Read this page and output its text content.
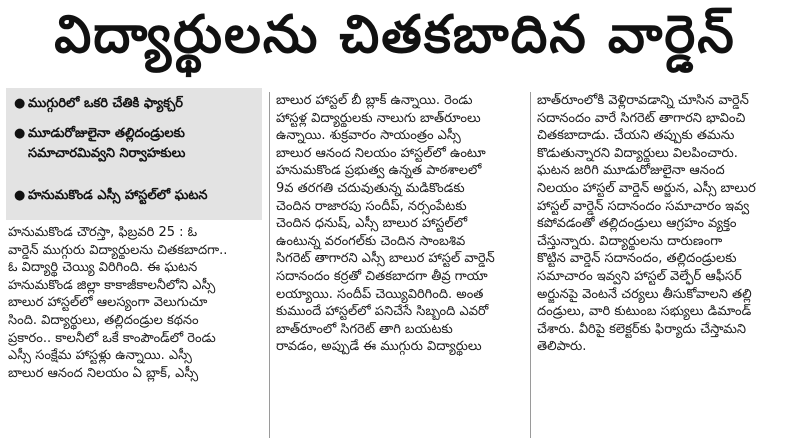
విద్యార్థులను చితకబాదిన వార్డెన్
● ముగ్గురిలో ఒకరి చేతికి ఫ్యాక్చర్
● మూడురోజులైనా తల్లిదండ్రులకు సమాచారమివ్వని నిర్వాహకులు
● హనుమకొండ ఎస్సీ హాస్టల్‌లో ఘటన
హనుమకొండ చౌరస్తా, ఫిబ్రవరి 25 : ఓ
వార్డెన్ ముగ్గురు విద్యార్థులను చితకబాదగా..
ఓ విద్యార్థి చెయ్యి విరిగింది. ఈ ఘటన
హనుమకొండ జిల్లా కాకాజీకాలనీలోని ఎస్సీ
బాలుర హాస్టల్‌లో ఆలస్యంగా వెలుగుచూ
సింది. విద్యార్థులు, తల్లిదండ్రుల కథనం
ప్రకారం.. కాలనీలో ఒకే కాంపౌండ్‌లో రెండు
ఎస్సీ సంక్షేమ హాస్టళ్లు ఉన్నాయి. ఎస్సీ
బాలుర ఆనంద నిలయం ఏ బ్లాక్, ఎస్సీ
బాలుర హాస్టల్ బీ బ్లాక్ ఉన్నాయి. రెండు
హాస్టళ్ల విద్యార్థులకు నాలుగు బాత్‌రూంలు
ఉన్నాయి. శుక్రవారం సాయంత్రం ఎస్సీ
బాలుర ఆనంద నిలయం హాస్టల్‌లో ఉంటూ
హనుమకొండ ప్రభుత్వ ఉన్నత పాఠశాలలో
9వ తరగతి చదువుతున్న మడికొండకు
చెందిన రాజారపు సందీప్, నర్సంపేటకు
చెందిన ధనుష్, ఎస్సీ బాలుర హాస్టల్‌లో
ఉంటున్న వరంగల్‌కు చెందిన సాంబశివ
సిగరెట్ తాగారని ఎస్సీ బాలుర హాస్టల్ వార్డెన్
సదానందం కర్రతో చితకబాదగా తీవ్ర గాయా
లయ్యాయి. సందీప్ చెయ్యివిరిగింది. అంత
కుముందే హాస్టల్‌లో పనిచేసే సిబ్బంది ఎవరో
బాత్‌రూంలో సిగరెట్ తాగి బయటకు
రావడం, అప్పుడే ఈ ముగ్గురు విద్యార్థులు
బాత్‌రూంలోకి వెళ్లిరావడాన్ని చూసిన వార్డెన్
సదానందం వారే సిగరెట్ తాగారని భావించి
చితకబాదాడు. చేయని తప్పుకు తమను
కొడుతున్నారని విద్యార్థులు విలపించారు.
ఘటన జరిగి మూడురోజులైనా ఆనంద
నిలయం హాస్టల్ వార్డెన్ అర్జున, ఎస్సీ బాలుర
హాస్టల్ వార్డెన్ సదానందం సమాచారం ఇవ్వ
కపోవడంతో తల్లిదండ్రులు ఆగ్రహం వ్యక్తం
చేస్తున్నారు. విద్యార్థులను దారుణంగా
కొట్టిన వార్డెన్ సదానందం, తల్లిదండ్రులకు
సమాచారం ఇవ్వని హాస్టల్ వెల్ఫేర్ ఆఫీసర్
అర్జునపై వెంటనే చర్యలు తీసుకోవాలని తల్లి
దండ్రులు, వారి కుటుంబ సభ్యులు డిమాండ్
చేశారు. వీరిపై కలెక్టర్‌కు ఫిర్యాదు చేస్తామని
తెలిపారు.
